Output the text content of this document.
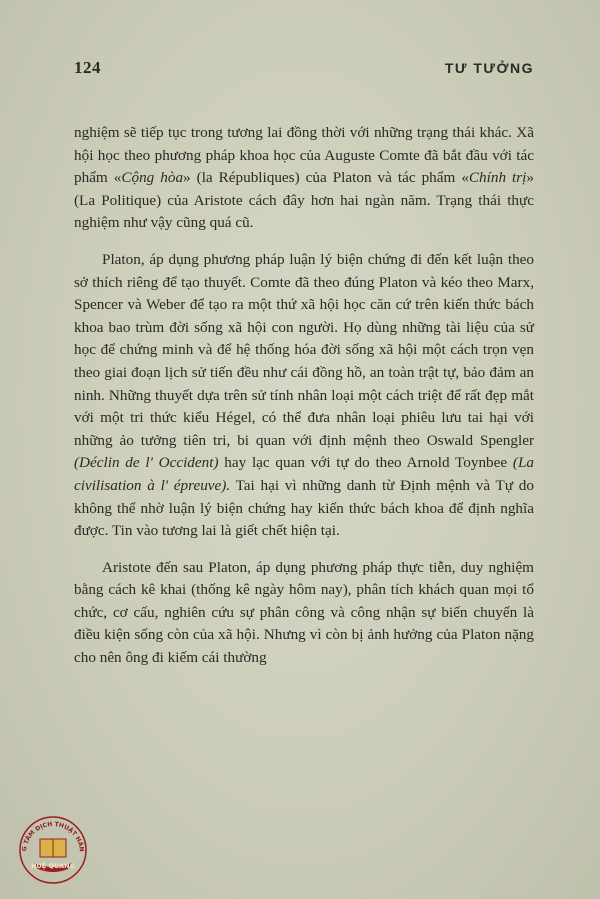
124	TƯ TƯỞNG

nghiệm sẽ tiếp tục trong tương lai đồng thời với những trạng thái khác. Xã hội học theo phương pháp khoa học của Auguste Comte đã bắt đầu với tác phẩm «Cộng hòa» (la Républiques) của Platon và tác phẩm «Chính trị» (La Politique) của Aristote cách đây hơn hai ngàn năm. Trạng thái thực nghiệm như vậy cũng quá cũ.

Platon, áp dụng phương pháp luận lý biện chứng đi đến kết luận theo sở thích riêng để tạo thuyết. Comte đã theo đúng Platon và kéo theo Marx, Spencer và Weber để tạo ra một thứ xã hội học căn cứ trên kiến thức bách khoa bao trùm đời sống xã hội con người. Họ dùng những tài liệu của sử học để chứng minh và để hệ thống hóa đời sống xã hội một cách trọn vẹn theo giai đoạn lịch sử tiến đều như cái đồng hồ, an toàn trật tự, bảo đảm an ninh. Những thuyết dựa trên sử tính nhân loại một cách triệt để rất đẹp mắt với một tri thức kiểu Hégel, có thể đưa nhân loại phiêu lưu tai hại với những ảo tưởng tiên tri, bi quan với định mệnh theo Oswald Spengler (Déclin de l' Occident) hay lạc quan với tự do theo Arnold Toynbee (La civilisation à l' épreuve). Tai hại vì những danh từ Định mệnh và Tự do không thể nhờ luận lý biện chứng hay kiến thức bách khoa để định nghĩa được. Tin vào tương lai là giết chết hiện tại.

Aristote đến sau Platon, áp dụng phương pháp thực tiễn, duy nghiệm bằng cách kê khai (thống kê ngày hôm nay), phân tích khách quan mọi tổ chức, cơ cấu, nghiên cứu sự phân công và công nhận sự biến chuyển là điều kiện sống còn của xã hội. Nhưng vì còn bị ảnh hưởng của Platon nặng cho nên ông đi kiếm cái thường

G TÂM DỊCH THUẬT HÁN
HUỆ QUANG
